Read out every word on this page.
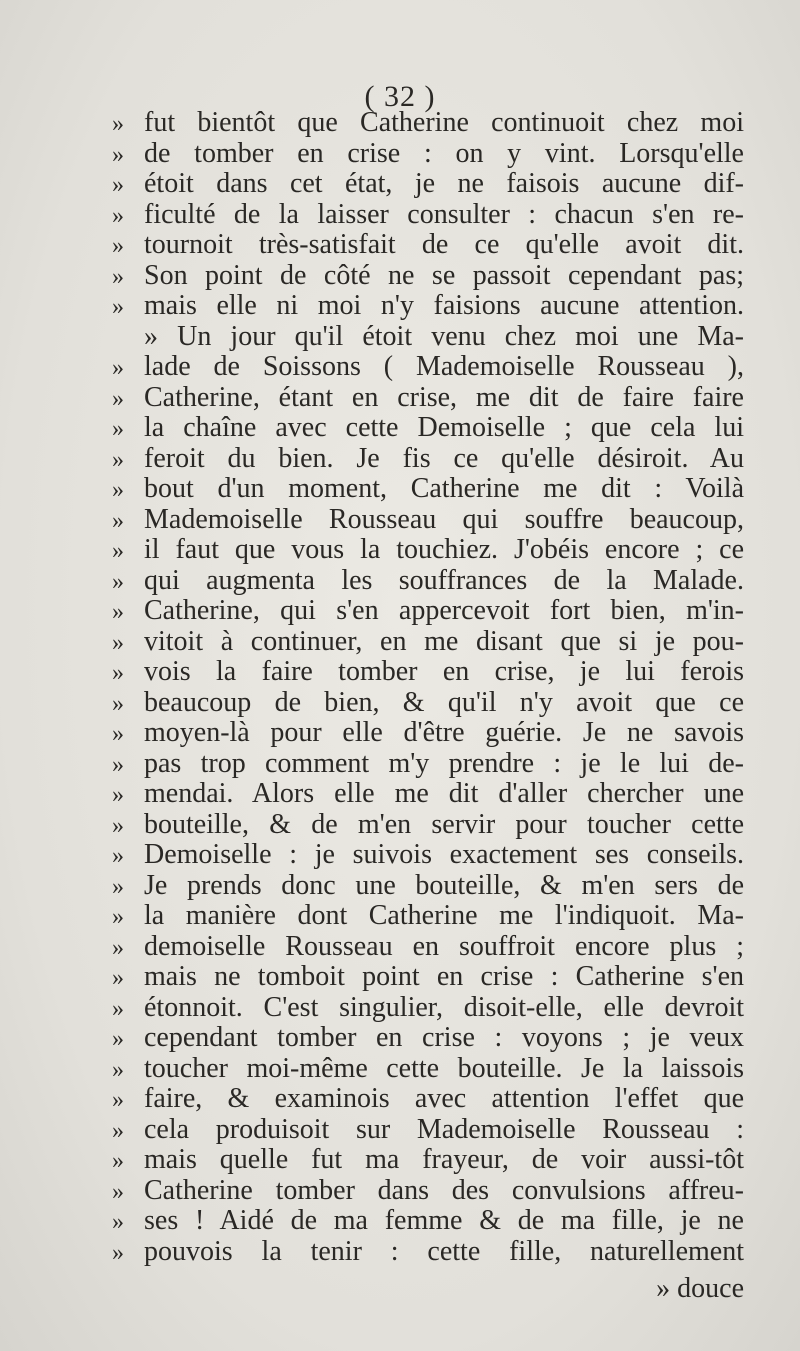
( 32 )
» fut bientôt que Catherine continuoit chez moi
» de tomber en crise : on y vint. Lorsqu'elle
» étoit dans cet état, je ne faisois aucune dif-
» ficulté de la laisser consulter : chacun s'en re-
» tournoit très-satisfait de ce qu'elle avoit dit.
» Son point de côté ne se passoit cependant pas;
» mais elle ni moi n'y faisions aucune attention.
» Un jour qu'il étoit venu chez moi une Ma-
» lade de Soissons ( Mademoiselle Rousseau ),
» Catherine, étant en crise, me dit de faire faire
» la chaîne avec cette Demoiselle ; que cela lui
» feroit du bien. Je fis ce qu'elle désiroit. Au
» bout d'un moment, Catherine me dit : Voilà
» Mademoiselle Rousseau qui souffre beaucoup,
» il faut que vous la touchiez. J'obéis encore ; ce
» qui augmenta les souffrances de la Malade.
» Catherine, qui s'en appercevoit fort bien, m'in-
» vitoit à continuer, en me disant que si je pou-
» vois la faire tomber en crise, je lui ferois
» beaucoup de bien, & qu'il n'y avoit que ce
» moyen-là pour elle d'être guérie. Je ne savois
» pas trop comment m'y prendre : je le lui de-
» mendai. Alors elle me dit d'aller chercher une
» bouteille, & de m'en servir pour toucher cette
» Demoiselle : je suivois exactement ses conseils.
» Je prends donc une bouteille, & m'en sers de
» la manière dont Catherine me l'indiquoit. Ma-
» demoiselle Rousseau en souffroit encore plus ;
» mais ne tomboit point en crise : Catherine s'en
» étonnoit. C'est singulier, disoit-elle, elle devroit
» cependant tomber en crise : voyons ; je veux
» toucher moi-même cette bouteille. Je la laissois
» faire, & examinois avec attention l'effet que
» cela produisoit sur Mademoiselle Rousseau :
» mais quelle fut ma frayeur, de voir aussi-tôt
» Catherine tomber dans des convulsions affreu-
» ses ! Aidé de ma femme & de ma fille, je ne
» pouvois la tenir : cette fille, naturellement
» douce
